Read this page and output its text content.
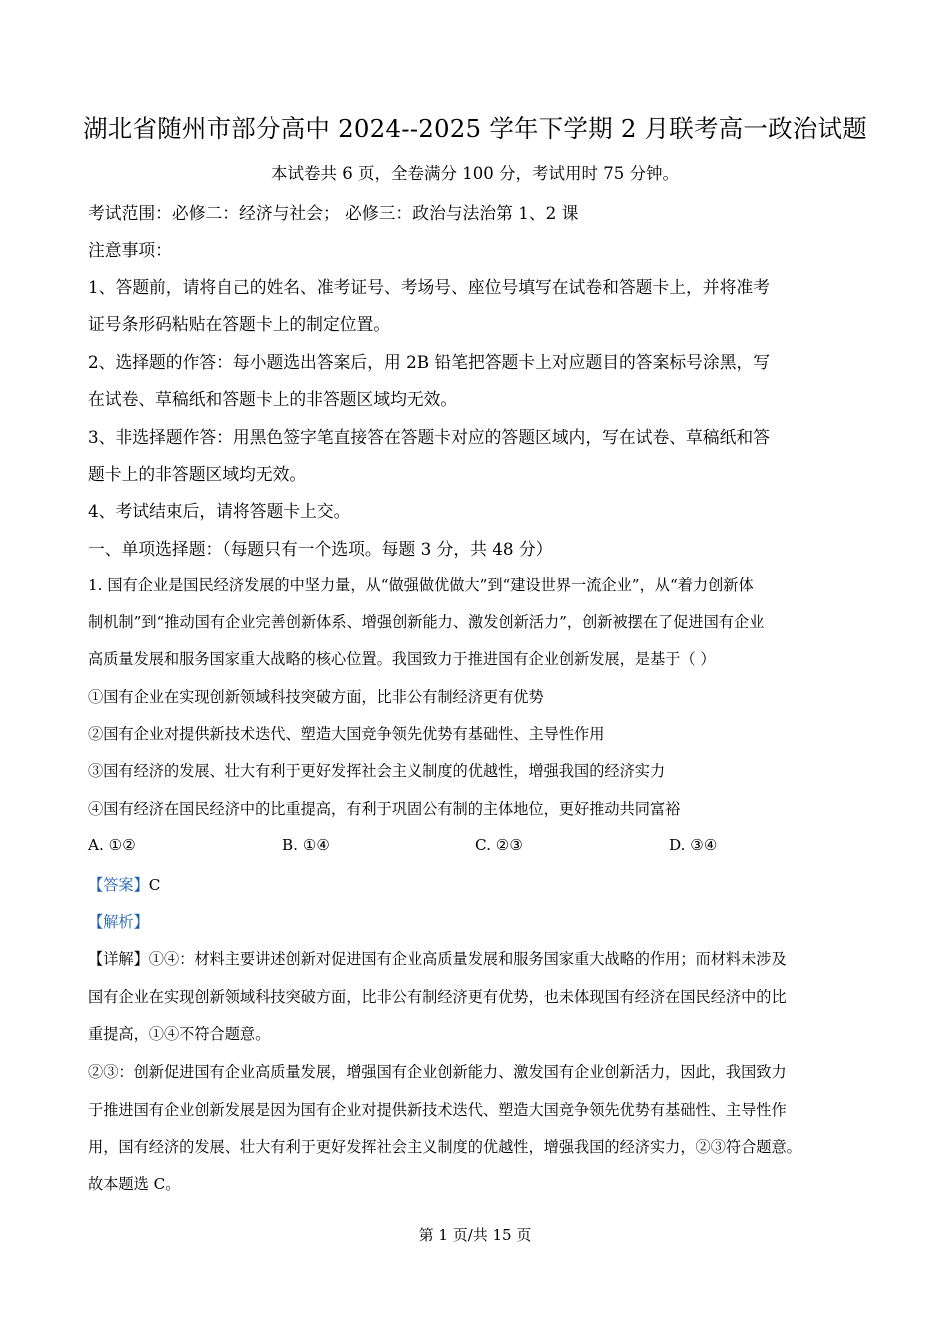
湖北省随州市部分高中 2024--2025 学年下学期 2 月联考高一政治试题
本试卷共 6 页，全卷满分 100 分，考试用时 75 分钟。
考试范围：必修二：经济与社会； 必修三：政治与法治第 1、2 课
注意事项：
1、答题前，请将自己的姓名、准考证号、考场号、座位号填写在试卷和答题卡上，并将准考
证号条形码粘贴在答题卡上的制定位置。
2、选择题的作答：每小题选出答案后，用 2B 铅笔把答题卡上对应题目的答案标号涂黑，写
在试卷、草稿纸和答题卡上的非答题区域均无效。
3、非选择题作答：用黑色签字笔直接答在答题卡对应的答题区域内，写在试卷、草稿纸和答
题卡上的非答题区域均无效。
4、考试结束后，请将答题卡上交。
一、单项选择题：（每题只有一个选项。每题 3 分，共 48 分）
1. 国有企业是国民经济发展的中坚力量，从“做强做优做大”到“建设世界一流企业”，从“着力创新体
制机制”到“推动国有企业完善创新体系、增强创新能力、激发创新活力”，创新被摆在了促进国有企业
高质量发展和服务国家重大战略的核心位置。我国致力于推进国有企业创新发展，是基于（ ）
①国有企业在实现创新领域科技突破方面，比非公有制经济更有优势
②国有企业对提供新技术迭代、塑造大国竞争领先优势有基础性、主导性作用
③国有经济的发展、壮大有利于更好发挥社会主义制度的优越性，增强我国的经济实力
④国有经济在国民经济中的比重提高，有利于巩固公有制的主体地位，更好推动共同富裕
A. ①②	B. ①④	C. ②③	D. ③④
【答案】C
【解析】
【详解】①④：材料主要讲述创新对促进国有企业高质量发展和服务国家重大战略的作用；而材料未涉及
国有企业在实现创新领域科技突破方面，比非公有制经济更有优势，也未体现国有经济在国民经济中的比
重提高，①④不符合题意。
②③：创新促进国有企业高质量发展，增强国有企业创新能力、激发国有企业创新活力，因此，我国致力
于推进国有企业创新发展是因为国有企业对提供新技术迭代、塑造大国竞争领先优势有基础性、主导性作
用，国有经济的发展、壮大有利于更好发挥社会主义制度的优越性，增强我国的经济实力，②③符合题意。
故本题选 C。
第 1 页/共 15 页
